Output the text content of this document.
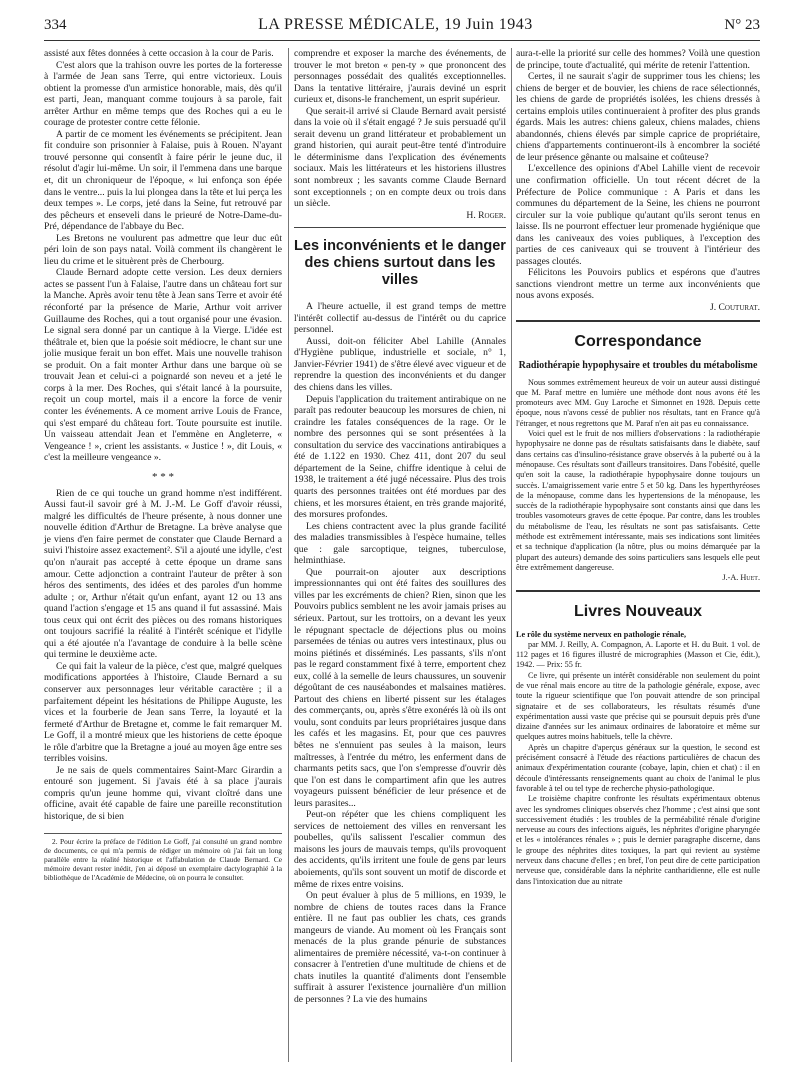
334	LA PRESSE MÉDICALE, 19 Juin 1943	N° 23

assisté aux fêtes données à cette occasion à la cour de Paris.

C'est alors que la trahison ouvre les portes de la forteresse à l'armée de Jean sans Terre, qui entre victorieux. Louis obtient la promesse d'un armistice honorable, mais, dès qu'il est parti, Jean, manquant comme toujours à sa parole, fait arrêter Arthur en même temps que des Roches qui a eu le courage de protester contre cette félonie.

A partir de ce moment les événements se précipitent. Jean fit conduire son prisonnier à Falaise, puis à Rouen. N'ayant trouvé personne qui consentît à faire périr le jeune duc, il résolut d'agir lui-même. Un soir, il l'emmena dans une barque et, dit un chroniqueur de l'époque, « lui enfonça son épée dans le ventre... puis la lui plongea dans la tête et lui perça les deux tempes ». Le corps, jeté dans la Seine, fut retrouvé par des pêcheurs et enseveli dans le prieuré de Notre-Dame-du-Pré, dépendance de l'abbaye du Bec.

Les Bretons ne voulurent pas admettre que leur duc eût péri loin de son pays natal. Voilà comment ils changèrent le lieu du crime et le situèrent près de Cherbourg.

Claude Bernard adopte cette version. Les deux derniers actes se passent l'un à Falaise, l'autre dans un château fort sur la Manche. Après avoir tenu tête à Jean sans Terre et avoir été réconforté par la présence de Marie, Arthur voit arriver Guillaume des Roches, qui a tout organisé pour une évasion. Le signal sera donné par un cantique à la Vierge. L'idée est théâtrale et, bien que la poésie soit médiocre, le chant sur une jolie musique ferait un bon effet. Mais une nouvelle trahison se produit. On a fait monter Arthur dans une barque où se trouvait Jean et celui-ci a poignardé son neveu et a jeté le corps à la mer. Des Roches, qui s'était lancé à la poursuite, reçoit un coup mortel, mais il a encore la force de venir conter les événements. A ce moment arrive Louis de France, qui s'est emparé du château fort. Toute poursuite est inutile. Un vaisseau attendait Jean et l'emmène en Angleterre, « Vengeance ! », crient les assistants. « Justice ! », dit Louis, « c'est la meilleure vengeance ».

* * *

Rien de ce qui touche un grand homme n'est indifférent. Aussi faut-il savoir gré à M. J.-M. Le Goff d'avoir réussi, malgré les difficultés de l'heure présente, à nous donner une nouvelle édition d'Arthur de Bretagne. La brève analyse que je viens d'en faire permet de constater que Claude Bernard a suivi l'histoire assez exactement². S'il a ajouté une idylle, c'est qu'on n'aurait pas accepté à cette époque un drame sans amour. Cette adjonction a contraint l'auteur de prêter à son héros des sentiments, des idées et des paroles d'un homme adulte ; or, Arthur n'était qu'un enfant, ayant 12 ou 13 ans quand l'action s'engage et 15 ans quand il fut assassiné. Mais tous ceux qui ont écrit des pièces ou des romans historiques ont toujours sacrifié la réalité à l'intérêt scénique et l'idylle qui a été ajoutée n'a l'avantage de conduire à la belle scène qui termine le deuxième acte.

Ce qui fait la valeur de la pièce, c'est que, malgré quelques modifications apportées à l'histoire, Claude Bernard a su conserver aux personnages leur véritable caractère ; il a parfaitement dépeint les hésitations de Philippe Auguste, les vices et la fourberie de Jean sans Terre, la loyauté et la fermeté d'Arthur de Bretagne et, comme le fait remarquer M. Le Goff, il a montré mieux que les historiens de cette époque le rôle d'arbitre que la Bretagne a joué au moyen âge entre ses terribles voisins.

Je ne sais de quels commentaires Saint-Marc Girardin a entouré son jugement. Si j'avais été à sa place j'aurais compris qu'un jeune homme qui, vivant cloîtré dans une officine, avait été capable de faire une pareille reconstitution historique, de si bien

2. Pour écrire la préface de l'édition Le Goff, j'ai consulté un grand nombre de documents, ce qui m'a permis de rédiger un mémoire où j'ai fait un long parallèle entre la réalité historique et l'affabulation de Claude Bernard. Ce mémoire devant rester inédit, j'en ai déposé un exemplaire dactylographié à la bibliothèque de l'Académie de Médecine, où on pourra le consulter.

comprendre et exposer la marche des événements, de trouver le mot breton « pen-ty » que prononcent des personnages possédait des qualités exceptionnelles. Dans la tentative littéraire, j'aurais deviné un esprit curieux et, disons-le franchement, un esprit supérieur.

Que serait-il arrivé si Claude Bernard avait persisté dans la voie où il s'était engagé ? Je suis persuadé qu'il serait devenu un grand littérateur et probablement un grand historien, qui aurait peut-être tenté d'introduire le déterminisme dans l'explication des événements sociaux. Mais les littérateurs et les historiens illustres sont nombreux ; les savants comme Claude Bernard sont exceptionnels ; on en compte deux ou trois dans un siècle.

H. Roger.

Les inconvénients et le danger des chiens surtout dans les villes

A l'heure actuelle, il est grand temps de mettre l'intérêt collectif au-dessus de l'intérêt ou du caprice personnel.

Aussi, doit-on féliciter Abel Lahille (Annales d'Hygiène publique, industrielle et sociale, n° 1, Janvier-Février 1941) de s'être élevé avec vigueur et de reprendre la question des inconvénients et du danger des chiens dans les villes.

Depuis l'application du traitement antirabique on ne paraît pas redouter beaucoup les morsures de chien, ni craindre les fatales conséquences de la rage. Or le nombre des personnes qui se sont présentées à la consultation du service des vaccinations antirabiques a été de 1.122 en 1930. Chez 411, dont 207 du seul département de la Seine, chiffre identique à celui de 1938, le traitement a été jugé nécessaire. Plus des trois quarts des personnes traitées ont été mordues par des chiens, et les morsures étaient, en très grande majorité, des morsures profondes.

Les chiens contractent avec la plus grande facilité des maladies transmissibles à l'espèce humaine, telles que : gale sarcoptique, teignes, tuberculose, helminthiase.

Que pourrait-on ajouter aux descriptions impressionnantes qui ont été faites des souillures des villes par les excréments de chien? Rien, sinon que les Pouvoirs publics semblent ne les avoir jamais prises au sérieux. Partout, sur les trottoirs, on a devant les yeux le répugnant spectacle de déjections plus ou moins parsemées de ténias ou autres vers intestinaux, plus ou moins piétinés et disséminés. Les passants, s'ils n'ont pas le regard constamment fixé à terre, emportent chez eux, collé à la semelle de leurs chaussures, un souvenir dégoûtant de ces nauséabondes et malsaines matières. Partout des chiens en liberté pissent sur les étalages des commerçants, ou, après s'être exonérés là où ils ont voulu, sont conduits par leurs propriétaires jusque dans les cafés et les magasins. Et, pour que ces pauvres bêtes ne s'ennuient pas seules à la maison, leurs maîtresses, à l'entrée du métro, les enferment dans de charmants petits sacs, que l'on s'empresse d'ouvrir dès que l'on est dans le compartiment afin que les autres voyageurs puissent bénéficier de leur présence et de leurs parasites...

Peut-on répéter que les chiens compliquent les services de nettoiement des villes en renversant les poubelles, qu'ils salissent l'escalier commun des maisons les jours de mauvais temps, qu'ils provoquent des accidents, qu'ils irritent une foule de gens par leurs aboiements, qu'ils sont souvent un motif de discorde et même de rixes entre voisins.

On peut évaluer à plus de 5 millions, en 1939, le nombre de chiens de toutes races dans la France entière. Il ne faut pas oublier les chats, ces grands mangeurs de viande. Au moment où les Français sont menacés de la plus grande pénurie de substances alimentaires de première nécessité, va-t-on continuer à consacrer à l'entretien d'une multitude de chiens et de chats inutiles la quantité d'aliments dont l'ensemble suffirait à assurer l'existence journalière d'un million de personnes ? La vie des humains

aura-t-elle la priorité sur celle des hommes? Voilà une question de principe, toute d'actualité, qui mérite de retenir l'attention.

Certes, il ne saurait s'agir de supprimer tous les chiens; les chiens de berger et de bouvier, les chiens de race sélectionnés, les chiens de garde de propriétés isolées, les chiens dressés à certains emplois utiles continueraient à profiter des plus grands égards. Mais les autres: chiens galeux, chiens malades, chiens abandonnés, chiens élevés par simple caprice de propriétaire, chiens d'appartements continueront-ils à encombrer la société de leur présence gênante ou malsaine et coûteuse?

L'excellence des opinions d'Abel Lahille vient de recevoir une confirmation officielle. Un tout récent décret de la Préfecture de Police communique : A Paris et dans les communes du département de la Seine, les chiens ne pourront circuler sur la voie publique qu'autant qu'ils seront tenus en laisse. Ils ne pourront effectuer leur promenade hygiénique que dans les caniveaux des voies publiques, à l'exception des parties de ces caniveaux qui se trouvent à l'intérieur des passages cloutés.

Félicitons les Pouvoirs publics et espérons que d'autres sanctions viendront mettre un terme aux inconvénients que nous avons exposés.

J. Couturat.

Correspondance
Radiothérapie hypophysaire et troubles du métabolisme

Nous sommes extrêmement heureux de voir un auteur aussi distingué que M. Paraf mettre en lumière une méthode dont nous avons été les promoteurs avec MM. Guy Laroche et Simonnet en 1928. Depuis cette époque, nous n'avons cessé de publier nos résultats, tant en France qu'à l'étranger, et nous regrettons que M. Paraf n'en ait pas eu connaissance.

Voici quel est le fruit de nos milliers d'observations : la radiothérapie hypophysaire ne donne pas de résultats satisfaisants dans le diabète, sauf dans certains cas d'insulino-résistance grave observés à la puberté ou à la ménopause. Ces résultats sont d'ailleurs transitoires. Dans l'obésité, quelle qu'en soit la cause, la radiothérapie hypophysaire donne toujours un succès. L'amaigrissement varie entre 5 et 50 kg. Dans les hyperthyréoses de la ménopause, comme dans les hypertensions de la ménopause, les succès de la radiothérapie hypophysaire sont constants ainsi que dans les troubles vasomoteurs graves de cette époque. Par contre, dans les troubles du métabolisme de l'eau, les résultats ne sont pas satisfaisants. Cette méthode est extrêmement intéressante, mais ses indications sont limitées et sa technique d'application (la nôtre, plus ou moins démarquée par la plupart des auteurs) demande des soins particuliers sans lesquels elle peut être extrêmement dangereuse.

J.-A. Huet.

Livres Nouveaux

Le rôle du système nerveux en pathologie rénale,

par MM. J. Reilly, A. Compagnon, A. Laporte et H. du Buit. 1 vol. de 112 pages et 16 figures illustré de micrographies (Masson et Cie, édit.), 1942. — Prix: 55 fr.

Ce livre, qui présente un intérêt considérable non seulement du point de vue rénal mais encore au titre de la pathologie générale, expose, avec toute la rigueur scientifique que l'on pouvait attendre de son principal signataire et de ses collaborateurs, les résultats résumés d'une expérimentation aussi vaste que précise qui se poursuit depuis près d'une dizaine d'années sur les animaux ordinaires de laboratoire et même sur quelques autres moins habituels, telle la chèvre.

Après un chapitre d'aperçus généraux sur la question, le second est précisément consacré à l'étude des réactions particulières de chacun des animaux d'expérimentation courante (cobaye, lapin, chien et chat) : il en découle d'intéressants renseignements quant au choix de l'animal le plus favorable à tel ou tel type de recherche physio-pathologique.

Le troisième chapitre confronte les résultats expérimentaux obtenus avec les syndromes cliniques observés chez l'homme ; c'est ainsi que sont successivement étudiés : les troubles de la perméabilité rénale d'origine nerveuse au cours des infections aiguës, les néphrites d'origine pharyngée et les « intolérances rénales » ; puis le dernier paragraphe discerne, dans le groupe des néphrites dites toxiques, la part qui revient au système nerveux dans chacune d'elles ; en bref, l'on peut dire de cette participation nerveuse que, considérable dans la néphrite cantharidienne, elle est nulle dans l'intoxication due au nitrate
